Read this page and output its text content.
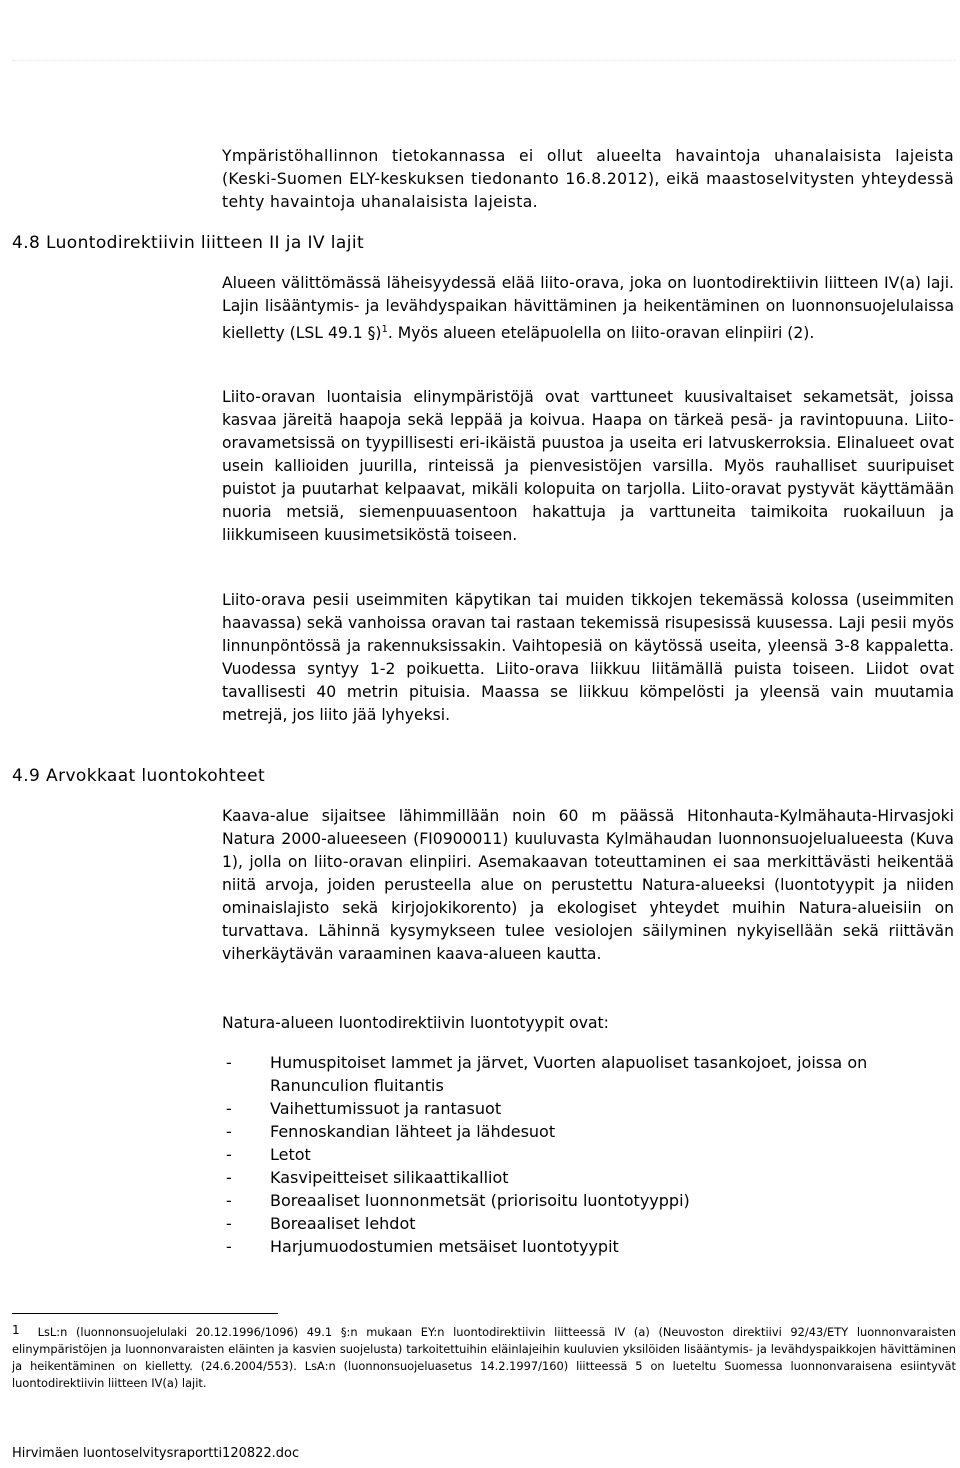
FCG SUUNNITTELU JA TEKNIIKKA OY	Luontoselvitys	11 (16)
23.8.2012

Ympäristöhallinnon tietokannassa ei ollut alueelta havaintoja uhanalaisista lajeista (Keski-Suomen ELY-keskuksen tiedonanto 16.8.2012), eikä maastoselvitysten yhteydessä tehty havaintoja uhanalaisista lajeista.

4.8 Luontodirektiivin liitteen II ja IV lajit

Alueen välittömässä läheisyydessä elää liito-orava, joka on luontodirektiivin liitteen IV(a) laji. Lajin lisääntymis- ja levähdyspaikan hävittäminen ja heikentäminen on luonnonsuojelulaissa kielletty (LSL 49.1 §)$^1$. Myös alueen eteläpuolella on liito-oravan elinpiiri (2).

Liito-oravan luontaisia elinympäristöjä ovat varttuneet kuusivaltaiset sekametsät, joissa kasvaa järeitä haapoja sekä leppää ja koivua. Haapa on tärkeä pesä- ja ravintopuuna. Liito-oravametsissä on tyypillisesti eri-ikäistä puustoa ja useita eri latvuskerroksia. Elinalueet ovat usein kallioiden juurilla, rinteissä ja pienvesistöjen varsilla. Myös rauhalliset suuripuiset puistot ja puutarhat kelpaavat, mikäli kolopuita on tarjolla. Liito-oravat pystyvät käyttämään nuoria metsiä, siemenpuuasentoon hakattuja ja varttuneita taimikoita ruokailuun ja liikkumiseen kuusimetsiköstä toiseen.

Liito-orava pesii useimmiten käpytikan tai muiden tikkojen tekemässä kolossa (useimmiten haavassa) sekä vanhoissa oravan tai rastaan tekemissä risupesissä kuusessa. Laji pesii myös linnunpöntössä ja rakennuksissakin. Vaihtopesiä on käytössä useita, yleensä 3-8 kappaletta. Vuodessa syntyy 1-2 poikuetta. Liito-orava liikkuu liitämällä puista toiseen. Liidot ovat tavallisesti 40 metrin pituisia. Maassa se liikkuu kömpelösti ja yleensä vain muutamia metrejä, jos liito jää lyhyeksi.

4.9 Arvokkaat luontokohteet

Kaava-alue sijaitsee lähimmillään noin 60 m päässä Hitonhauta-Kylmähauta-Hirvasjoki Natura 2000-alueeseen (FI0900011) kuuluvasta Kylmähaudan luonnonsuojelualueesta (Kuva 1), jolla on liito-oravan elinpiiri. Asemakaavan toteuttaminen ei saa merkittävästi heikentää niitä arvoja, joiden perusteella alue on perustettu Natura-alueeksi (luontotyypit ja niiden ominaislajisto sekä kirjojokikorento) ja ekologiset yhteydet muihin Natura-alueisiin on turvattava. Lähinnä kysymykseen tulee vesiolojen säilyminen nykyisellään sekä riittävän viherkäytävän varaaminen kaava-alueen kautta.

Natura-alueen luontodirektiivin luontotyypit ovat:

- Humuspitoiset lammet ja järvet, Vuorten alapuoliset tasankojoet, joissa on Ranunculion fluitantis
- Vaihettumissuot ja rantasuot
- Fennoskandian lähteet ja lähdesuot
- Letot
- Kasvipeitteiset silikaattikalliot
- Boreaaliset luonnonmetsät (priorisoitu luontotyyppi)
- Boreaaliset lehdot
- Harjumuodostumien metsäiset luontotyypit

$^1$ LsL:n (luonnonsuojelulaki 20.12.1996/1096) 49.1 §:n mukaan EY:n luontodirektiivin liitteessä IV (a) (Neuvoston direktiivi 92/43/ETY luonnonvaraisten elinympäristöjen ja luonnonvaraisten eläinten ja kasvien suojelusta) tarkoitettuihin eläinlajeihin kuuluvien yksilöiden lisääntymis- ja levähdyspaikkojen hävittäminen ja heikentäminen on kielletty. (24.6.2004/553). LsA:n (luonnonsuojeluasetus 14.2.1997/160) liitteessä 5 on lueteltu Suomessa luonnonvaraisena esiintyvät luontodirektiivin liitteen IV(a) lajit.

Hirvimäen luontoselvitysraportti120822.doc
